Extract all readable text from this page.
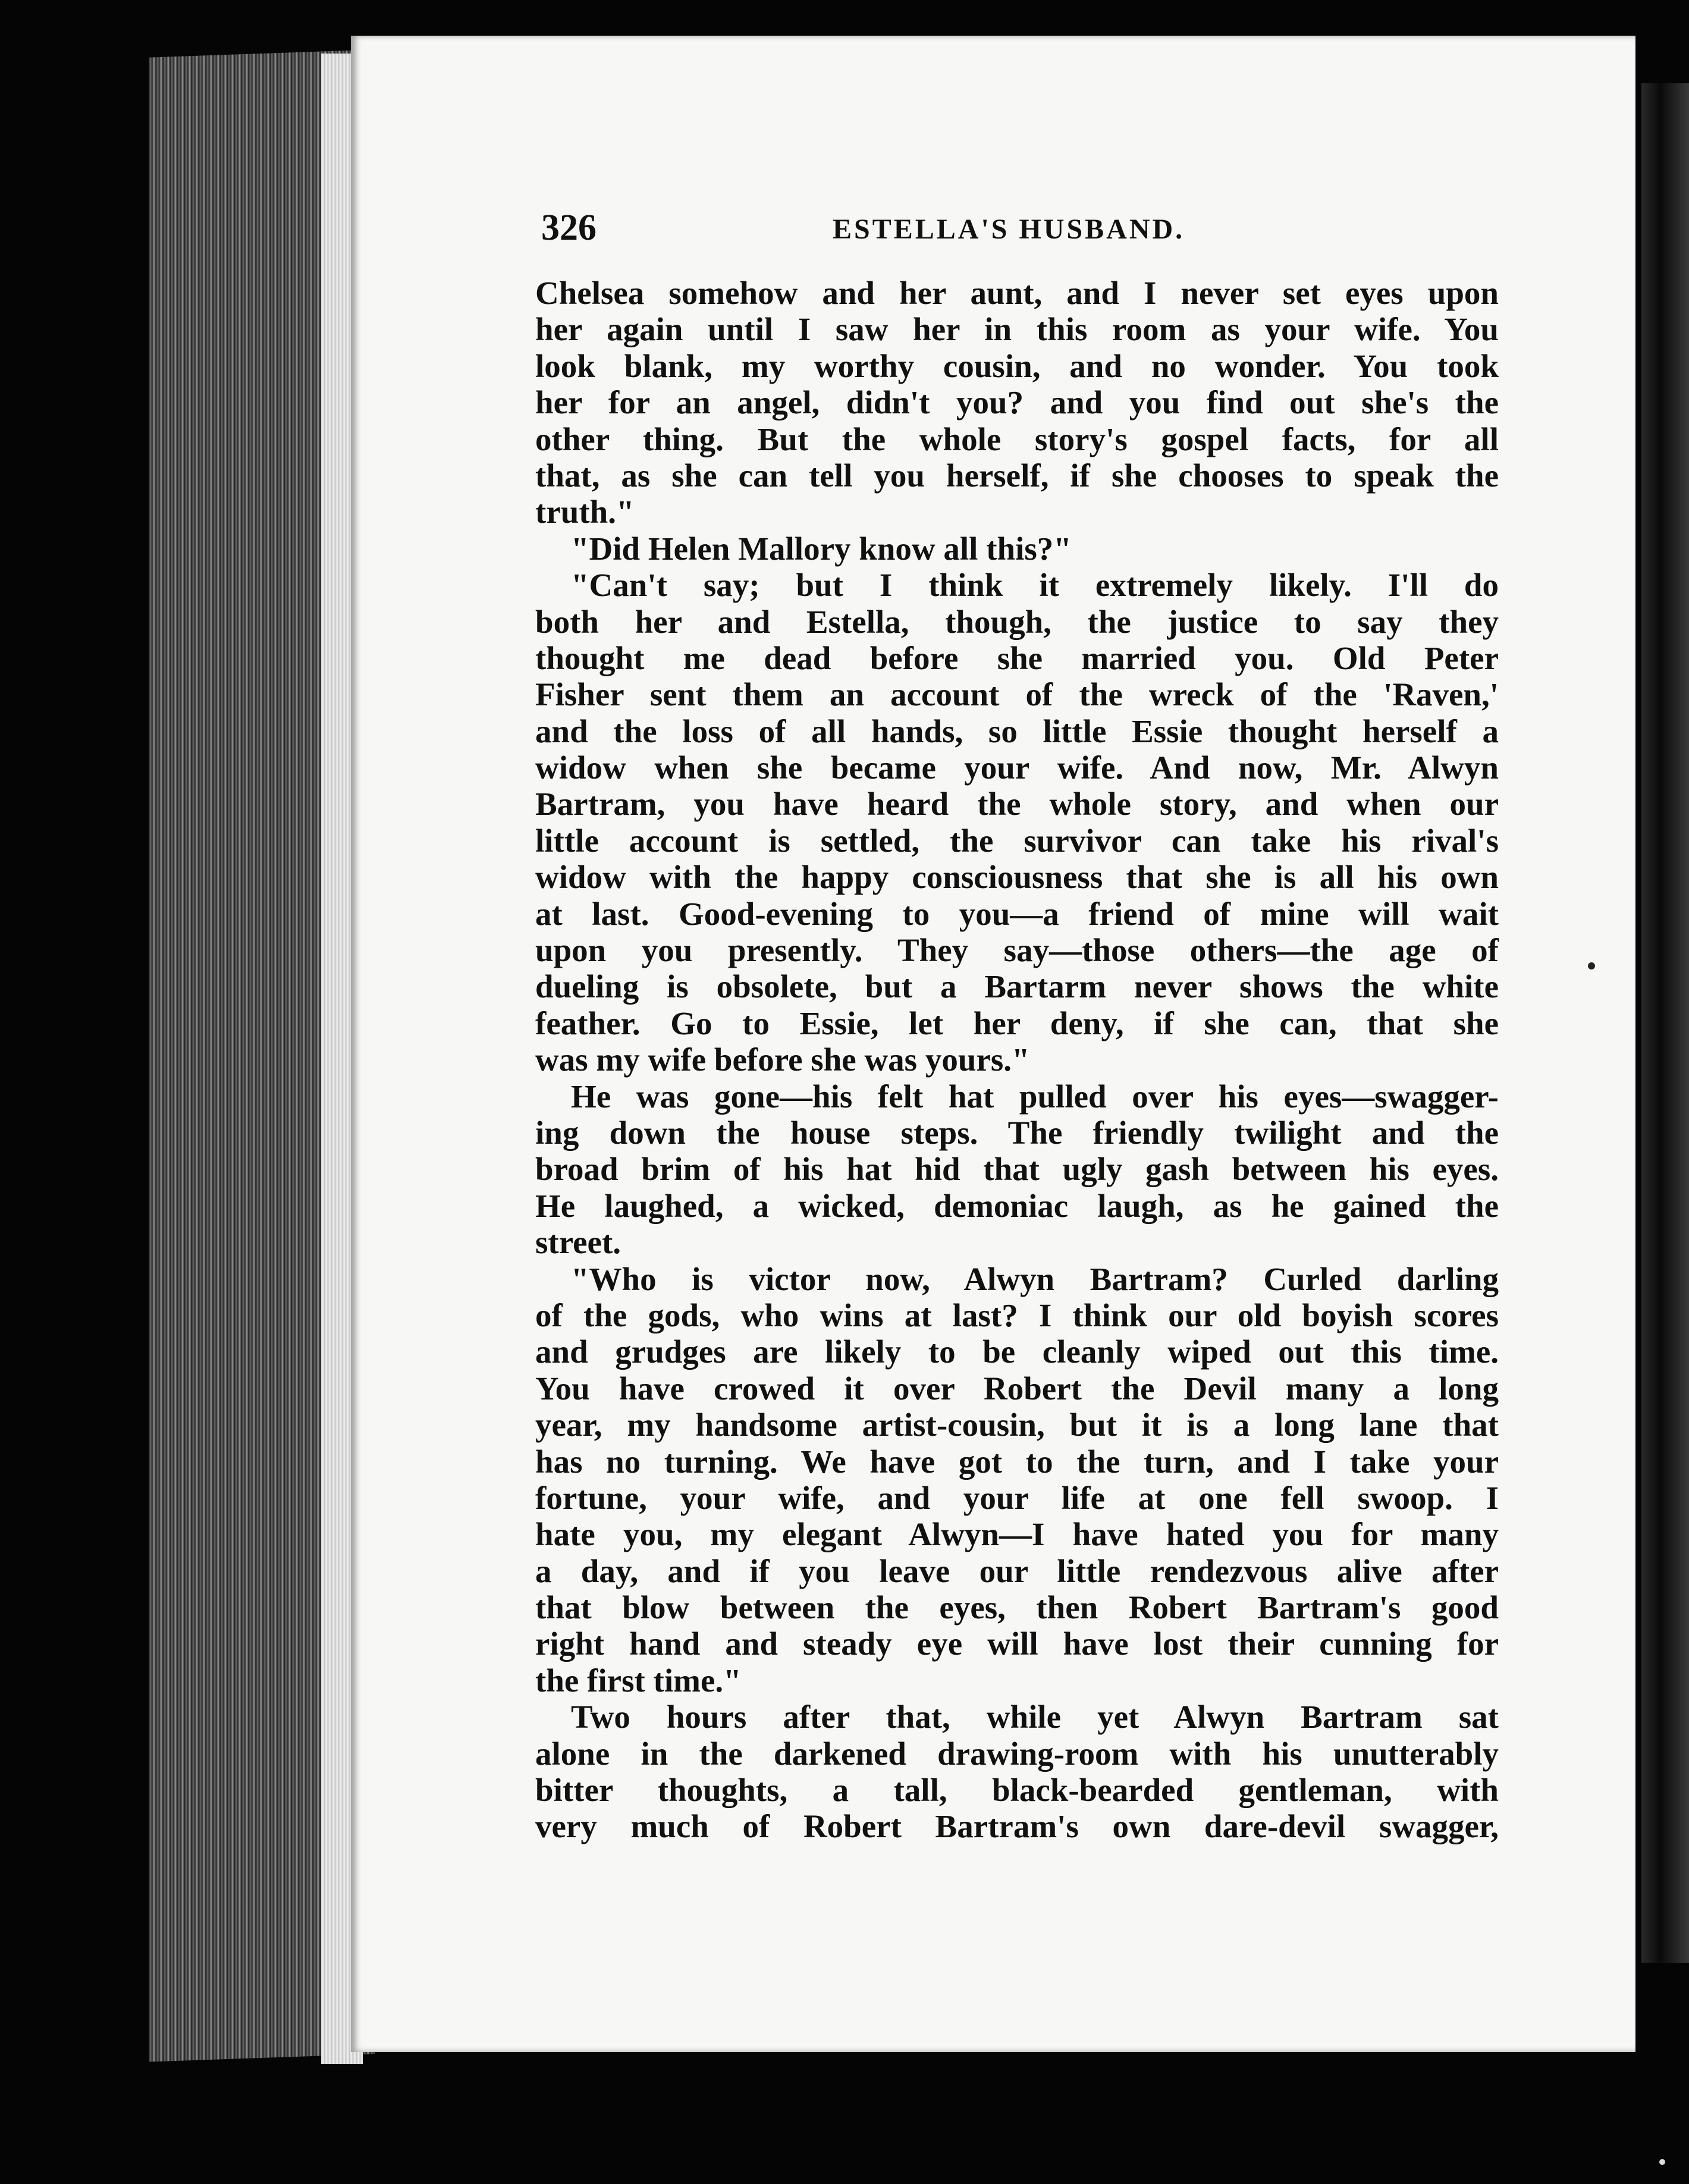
326	ESTELLA'S HUSBAND.
Chelsea somehow and her aunt, and I never set eyes upon
her again until I saw her in this room as your wife. You
look blank, my worthy cousin, and no wonder. You took
her for an angel, didn't you? and you find out she's the
other thing. But the whole story's gospel facts, for all
that, as she can tell you herself, if she chooses to speak the
truth."
"Did Helen Mallory know all this?"
"Can't say; but I think it extremely likely. I'll do
both her and Estella, though, the justice to say they
thought me dead before she married you. Old Peter
Fisher sent them an account of the wreck of the 'Raven,'
and the loss of all hands, so little Essie thought herself a
widow when she became your wife. And now, Mr. Alwyn
Bartram, you have heard the whole story, and when our
little account is settled, the survivor can take his rival's
widow with the happy consciousness that she is all his own
at last. Good-evening to you—a friend of mine will wait
upon you presently. They say—those others—the age of
dueling is obsolete, but a Bartarm never shows the white
feather. Go to Essie, let her deny, if she can, that she
was my wife before she was yours."
He was gone—his felt hat pulled over his eyes—swagger-
ing down the house steps. The friendly twilight and the
broad brim of his hat hid that ugly gash between his eyes.
He laughed, a wicked, demoniac laugh, as he gained the
street.
"Who is victor now, Alwyn Bartram? Curled darling
of the gods, who wins at last? I think our old boyish scores
and grudges are likely to be cleanly wiped out this time.
You have crowed it over Robert the Devil many a long
year, my handsome artist-cousin, but it is a long lane that
has no turning. We have got to the turn, and I take your
fortune, your wife, and your life at one fell swoop. I
hate you, my elegant Alwyn—I have hated you for many
a day, and if you leave our little rendezvous alive after
that blow between the eyes, then Robert Bartram's good
right hand and steady eye will have lost their cunning for
the first time."
Two hours after that, while yet Alwyn Bartram sat
alone in the darkened drawing-room with his unutterably
bitter thoughts, a tall, black-bearded gentleman, with
very much of Robert Bartram's own dare-devil swagger,
